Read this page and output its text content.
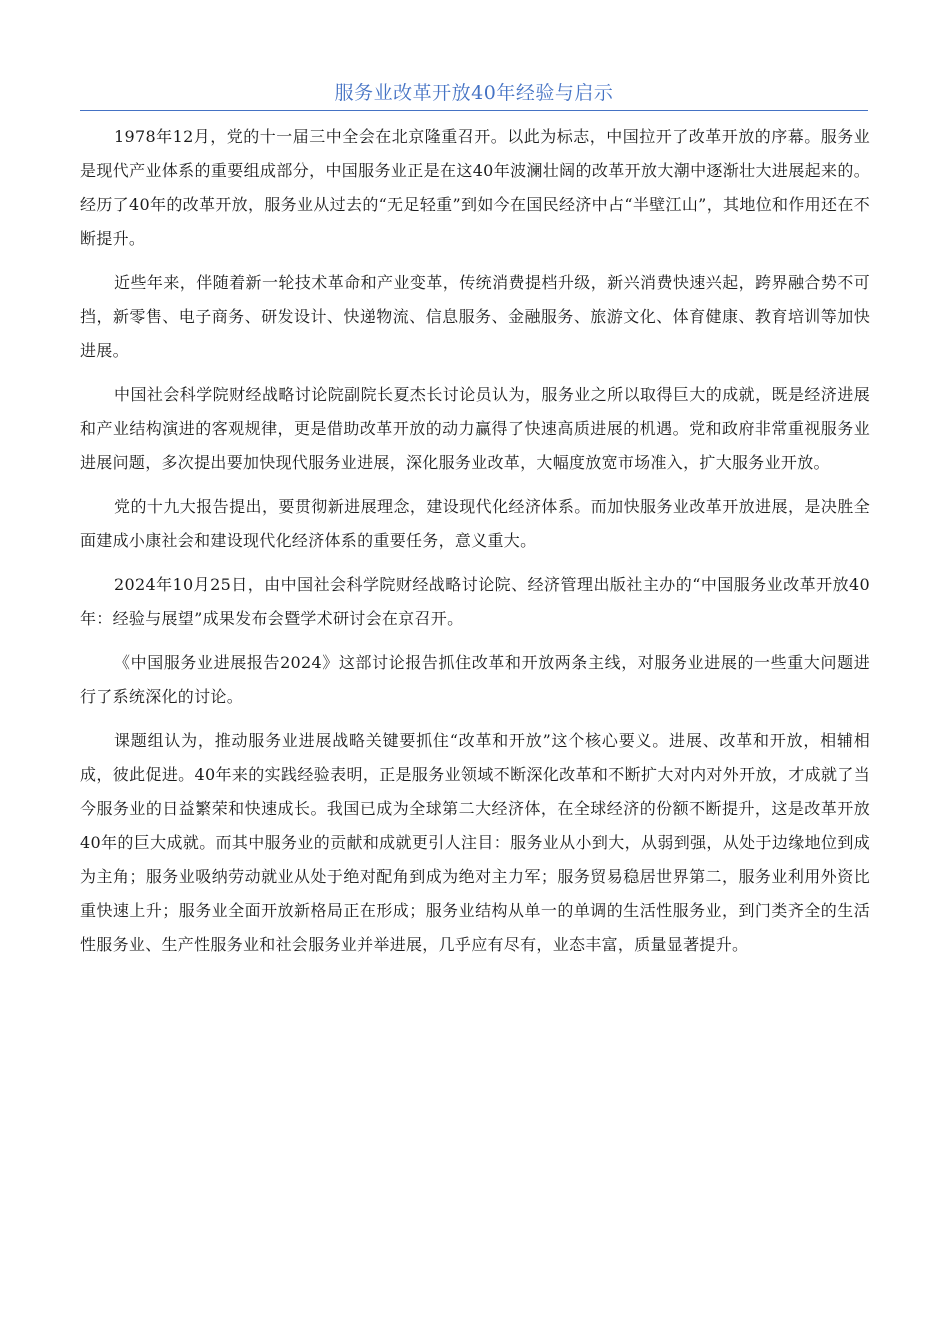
服务业改革开放40年经验与启示

1978年12月，党的十一届三中全会在北京隆重召开。以此为标志，中国拉开了改革开放的序幕。服务业是现代产业体系的重要组成部分，中国服务业正是在这40年波澜壮阔的改革开放大潮中逐渐壮大进展起来的。经历了40年的改革开放，服务业从过去的“无足轻重”到如今在国民经济中占“半壁江山”，其地位和作用还在不断提升。

近些年来，伴随着新一轮技术革命和产业变革，传统消费提档升级，新兴消费快速兴起，跨界融合势不可挡，新零售、电子商务、研发设计、快递物流、信息服务、金融服务、旅游文化、体育健康、教育培训等加快进展。

中国社会科学院财经战略讨论院副院长夏杰长讨论员认为，服务业之所以取得巨大的成就，既是经济进展和产业结构演进的客观规律，更是借助改革开放的动力赢得了快速高质进展的机遇。党和政府非常重视服务业进展问题，多次提出要加快现代服务业进展，深化服务业改革，大幅度放宽市场准入，扩大服务业开放。

党的十九大报告提出，要贯彻新进展理念，建设现代化经济体系。而加快服务业改革开放进展，是决胜全面建成小康社会和建设现代化经济体系的重要任务，意义重大。

2024年10月25日，由中国社会科学院财经战略讨论院、经济管理出版社主办的“中国服务业改革开放40年：经验与展望”成果发布会暨学术研讨会在京召开。

《中国服务业进展报告2024》这部讨论报告抓住改革和开放两条主线，对服务业进展的一些重大问题进行了系统深化的讨论。

课题组认为，推动服务业进展战略关键要抓住“改革和开放”这个核心要义。进展、改革和开放，相辅相成，彼此促进。40年来的实践经验表明，正是服务业领域不断深化改革和不断扩大对内对外开放，才成就了当今服务业的日益繁荣和快速成长。我国已成为全球第二大经济体，在全球经济的份额不断提升，这是改革开放40年的巨大成就。而其中服务业的贡献和成就更引人注目：服务业从小到大，从弱到强，从处于边缘地位到成为主角；服务业吸纳劳动就业从处于绝对配角到成为绝对主力军；服务贸易稳居世界第二，服务业利用外资比重快速上升；服务业全面开放新格局正在形成；服务业结构从单一的单调的生活性服务业，到门类齐全的生活性服务业、生产性服务业和社会服务业并举进展，几乎应有尽有，业态丰富，质量显著提升。
